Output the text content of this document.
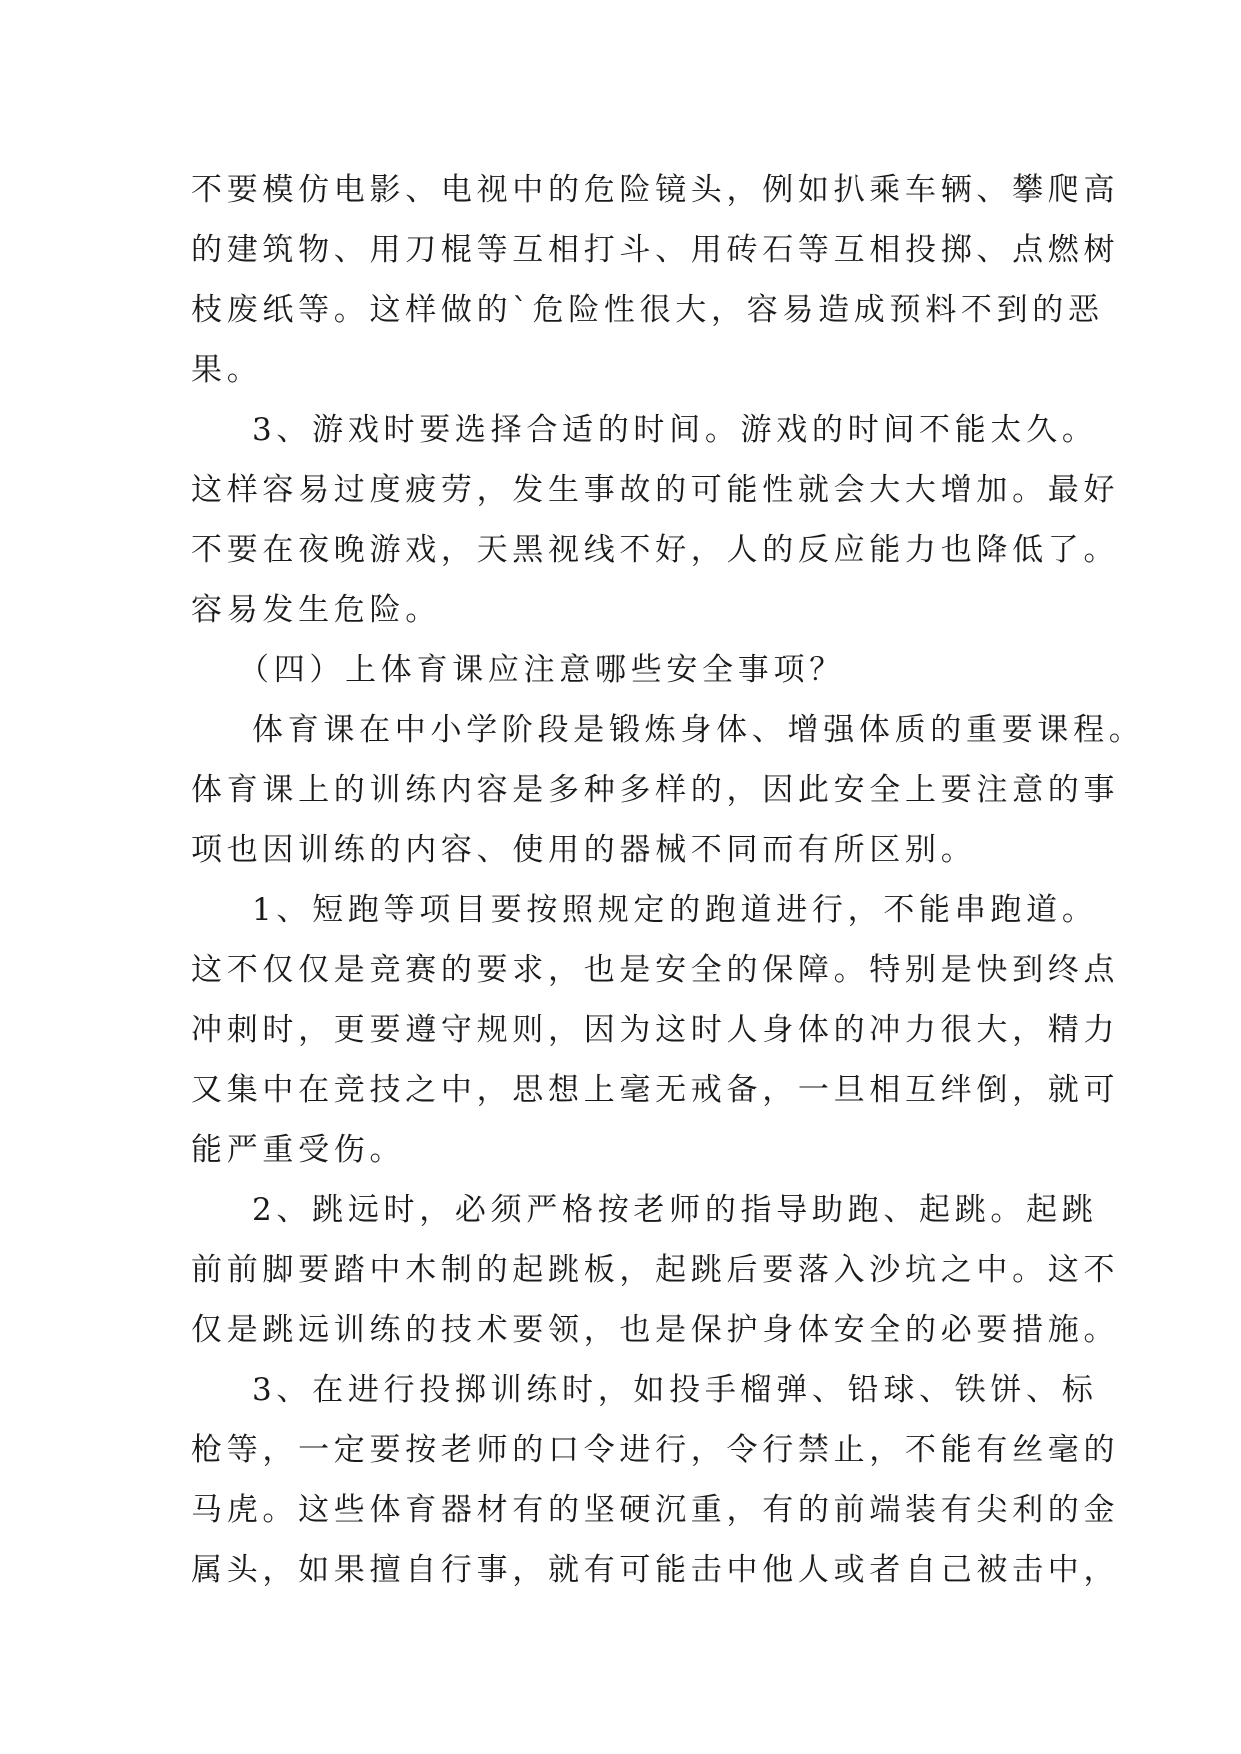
不要模仿电影、电视中的危险镜头，例如扒乘车辆、攀爬高
的建筑物、用刀棍等互相打斗、用砖石等互相投掷、点燃树
枝废纸等。这样做的`危险性很大，容易造成预料不到的恶
果。
3、游戏时要选择合适的时间。游戏的时间不能太久。
这样容易过度疲劳，发生事故的可能性就会大大增加。最好
不要在夜晚游戏，天黑视线不好，人的反应能力也降低了。
容易发生危险。
（四）上体育课应注意哪些安全事项？
体育课在中小学阶段是锻炼身体、增强体质的重要课程。
体育课上的训练内容是多种多样的，因此安全上要注意的事
项也因训练的内容、使用的器械不同而有所区别。
1、短跑等项目要按照规定的跑道进行，不能串跑道。
这不仅仅是竞赛的要求，也是安全的保障。特别是快到终点
冲刺时，更要遵守规则，因为这时人身体的冲力很大，精力
又集中在竞技之中，思想上毫无戒备，一旦相互绊倒，就可
能严重受伤。
2、跳远时，必须严格按老师的指导助跑、起跳。起跳
前前脚要踏中木制的起跳板，起跳后要落入沙坑之中。这不
仅是跳远训练的技术要领，也是保护身体安全的必要措施。
3、在进行投掷训练时，如投手榴弹、铅球、铁饼、标
枪等，一定要按老师的口令进行，令行禁止，不能有丝毫的
马虎。这些体育器材有的坚硬沉重，有的前端装有尖利的金
属头，如果擅自行事，就有可能击中他人或者自己被击中，
